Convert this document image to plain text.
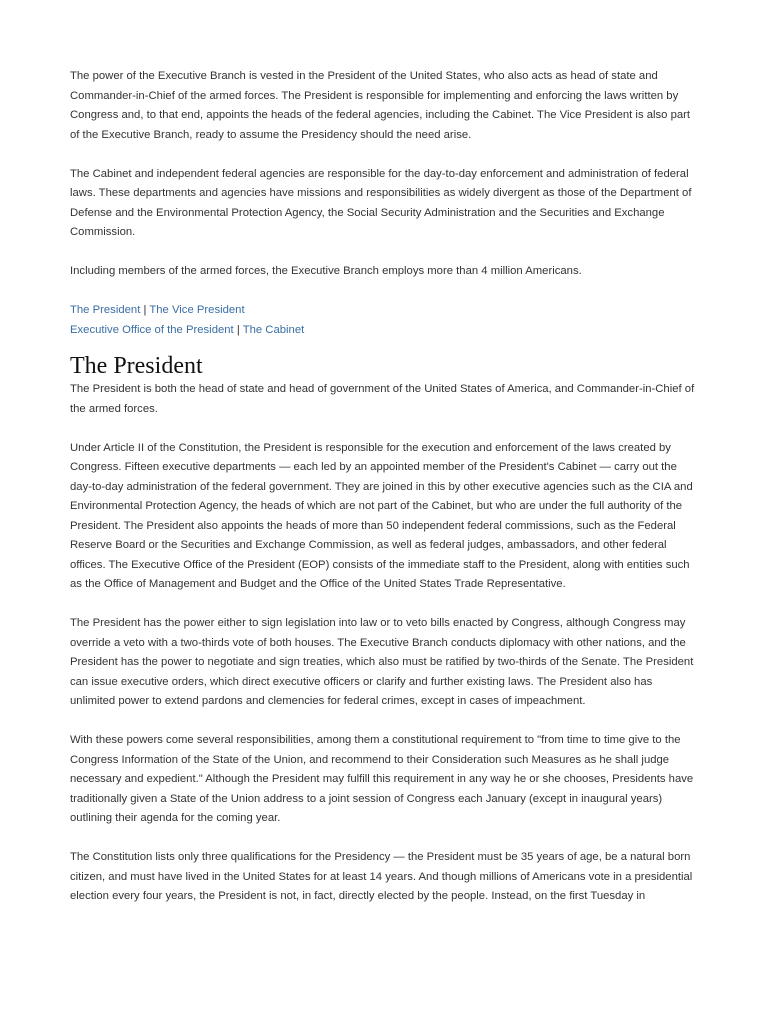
The power of the Executive Branch is vested in the President of the United States, who also acts as head of state and Commander-in-Chief of the armed forces. The President is responsible for implementing and enforcing the laws written by Congress and, to that end, appoints the heads of the federal agencies, including the Cabinet. The Vice President is also part of the Executive Branch, ready to assume the Presidency should the need arise.

The Cabinet and independent federal agencies are responsible for the day-to-day enforcement and administration of federal laws. These departments and agencies have missions and responsibilities as widely divergent as those of the Department of Defense and the Environmental Protection Agency, the Social Security Administration and the Securities and Exchange Commission.

Including members of the armed forces, the Executive Branch employs more than 4 million Americans.

The President | The Vice President
Executive Office of the President | The Cabinet
The President

The President is both the head of state and head of government of the United States of America, and Commander-in-Chief of the armed forces.

Under Article II of the Constitution, the President is responsible for the execution and enforcement of the laws created by Congress. Fifteen executive departments — each led by an appointed member of the President's Cabinet — carry out the day-to-day administration of the federal government. They are joined in this by other executive agencies such as the CIA and Environmental Protection Agency, the heads of which are not part of the Cabinet, but who are under the full authority of the President. The President also appoints the heads of more than 50 independent federal commissions, such as the Federal Reserve Board or the Securities and Exchange Commission, as well as federal judges, ambassadors, and other federal offices. The Executive Office of the President (EOP) consists of the immediate staff to the President, along with entities such as the Office of Management and Budget and the Office of the United States Trade Representative.

The President has the power either to sign legislation into law or to veto bills enacted by Congress, although Congress may override a veto with a two-thirds vote of both houses. The Executive Branch conducts diplomacy with other nations, and the President has the power to negotiate and sign treaties, which also must be ratified by two-thirds of the Senate. The President can issue executive orders, which direct executive officers or clarify and further existing laws. The President also has unlimited power to extend pardons and clemencies for federal crimes, except in cases of impeachment.

With these powers come several responsibilities, among them a constitutional requirement to "from time to time give to the Congress Information of the State of the Union, and recommend to their Consideration such Measures as he shall judge necessary and expedient." Although the President may fulfill this requirement in any way he or she chooses, Presidents have traditionally given a State of the Union address to a joint session of Congress each January (except in inaugural years) outlining their agenda for the coming year.

The Constitution lists only three qualifications for the Presidency — the President must be 35 years of age, be a natural born citizen, and must have lived in the United States for at least 14 years. And though millions of Americans vote in a presidential election every four years, the President is not, in fact, directly elected by the people. Instead, on the first Tuesday in
